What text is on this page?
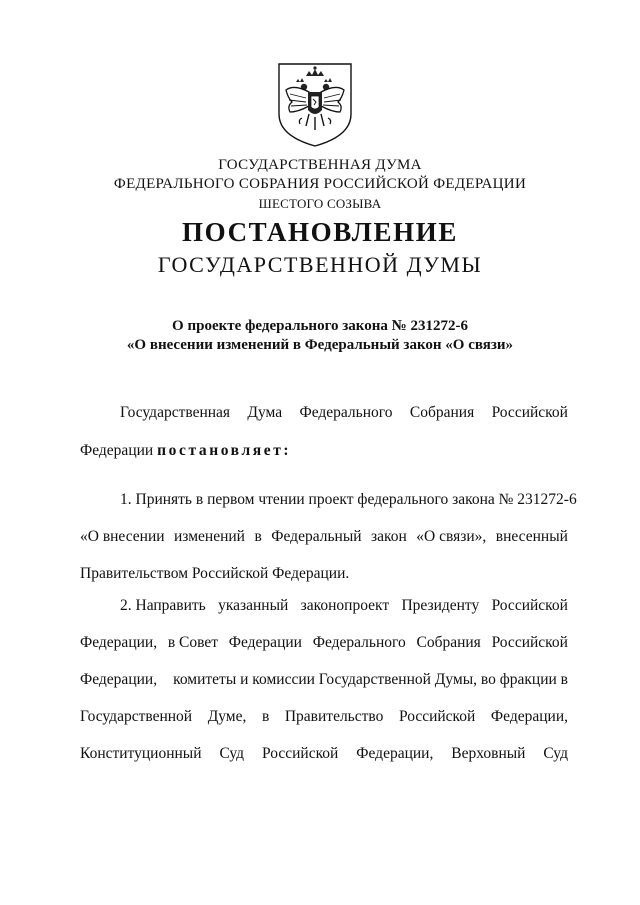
ГОСУДАРСТВЕННАЯ ДУМА
ФЕДЕРАЛЬНОГО СОБРАНИЯ РОССИЙСКОЙ ФЕДЕРАЦИИ
ШЕСТОГО СОЗЫВА
ПОСТАНОВЛЕНИЕ
ГОСУДАРСТВЕННОЙ ДУМЫ
О проекте федерального закона № 231272-6
«О внесении изменений в Федеральный закон «О связи»
Государственная Дума Федерального Собрания Российской
Федерации постановляет:
1. Принять в первом чтении проект федерального закона № 231272-6
«О внесении изменений в Федеральный закон «О связи», внесенный
Правительством Российской Федерации.
2. Направить указанный законопроект Президенту Российской
Федерации, в Совет Федерации Федерального Собрания Российской
Федерации, комитеты и комиссии Государственной Думы, во фракции в
Государственной Думе, в Правительство Российской Федерации,
Конституционный Суд Российской Федерации, Верховный Суд
